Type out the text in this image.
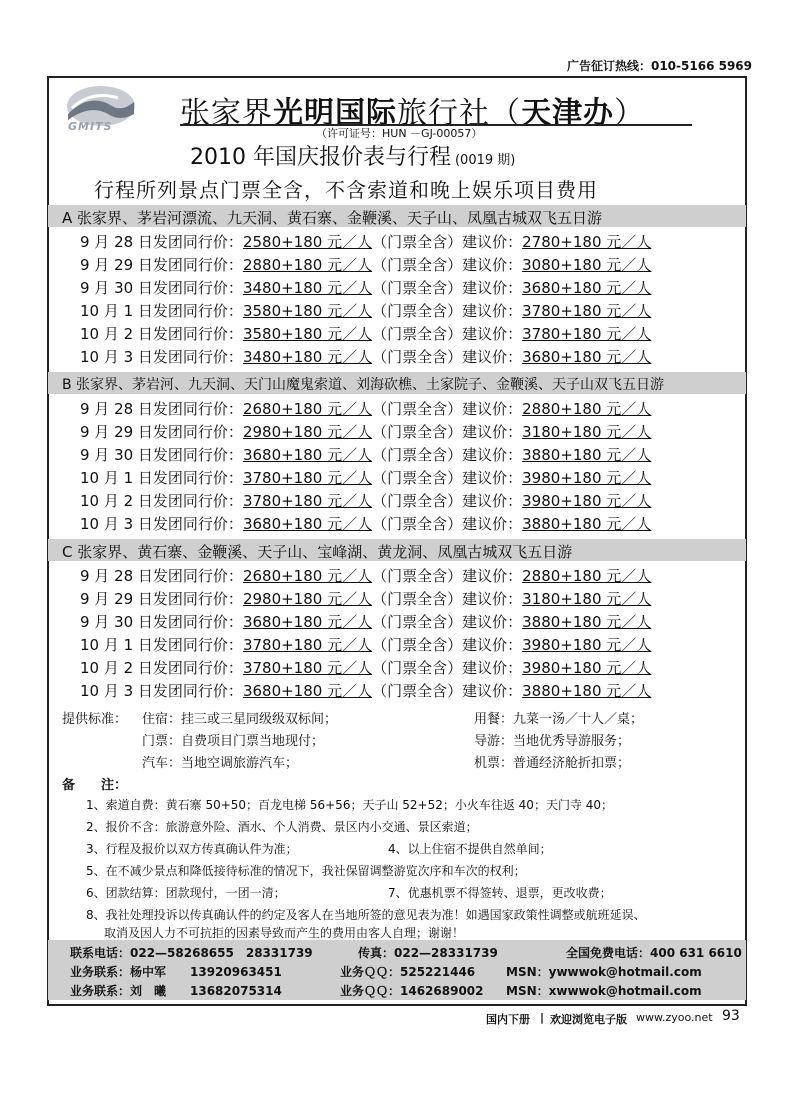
广告征订热线：010-5166 5969
GMITS 张家界光明国际旅行社（天津办）
（许可证号：HUN －GJ-00057）
2010 年国庆报价表与行程 (0019 期)
行程所列景点门票全含，不含索道和晚上娱乐项目费用
A 张家界、茅岩河漂流、九天洞、黄石寨、金鞭溪、天子山、凤凰古城双飞五日游
9 月 28 日发团同行价：2580+180 元／人（门票全含）建议价：2780+180 元／人
9 月 29 日发团同行价：2880+180 元／人（门票全含）建议价：3080+180 元／人
9 月 30 日发团同行价：3480+180 元／人（门票全含）建议价：3680+180 元／人
10 月 1 日发团同行价：3580+180 元／人（门票全含）建议价：3780+180 元／人
10 月 2 日发团同行价：3580+180 元／人（门票全含）建议价：3780+180 元／人
10 月 3 日发团同行价：3480+180 元／人（门票全含）建议价：3680+180 元／人
B 张家界、茅岩河、九天洞、天门山魔鬼索道、刘海砍樵、土家院子、金鞭溪、天子山双飞五日游
9 月 28 日发团同行价：2680+180 元／人（门票全含）建议价：2880+180 元／人
9 月 29 日发团同行价：2980+180 元／人（门票全含）建议价：3180+180 元／人
9 月 30 日发团同行价：3680+180 元／人（门票全含）建议价：3880+180 元／人
10 月 1 日发团同行价：3780+180 元／人（门票全含）建议价：3980+180 元／人
10 月 2 日发团同行价：3780+180 元／人（门票全含）建议价：3980+180 元／人
10 月 3 日发团同行价：3680+180 元／人（门票全含）建议价：3880+180 元／人
C 张家界、黄石寨、金鞭溪、天子山、宝峰湖、黄龙洞、凤凰古城双飞五日游
9 月 28 日发团同行价：2680+180 元／人（门票全含）建议价：2880+180 元／人
9 月 29 日发团同行价：2980+180 元／人（门票全含）建议价：3180+180 元／人
9 月 30 日发团同行价：3680+180 元／人（门票全含）建议价：3880+180 元／人
10 月 1 日发团同行价：3780+180 元／人（门票全含）建议价：3980+180 元／人
10 月 2 日发团同行价：3780+180 元／人（门票全含）建议价：3980+180 元／人
10 月 3 日发团同行价：3680+180 元／人（门票全含）建议价：3880+180 元／人
提供标准： 住宿：挂三或三星同级级双标间；	用餐：九菜一汤／十人／桌；
门票：自费项目门票当地现付；	导游：当地优秀导游服务；
汽车：当地空调旅游汽车；	机票：普通经济舱折扣票；
备　　注：
1、索道自费：黄石寨 50+50；百龙电梯 56+56；天子山 52+52；小火车往返 40；天门寺 40；
2、报价不含：旅游意外险、酒水、个人消费、景区内小交通、景区索道；
3、行程及报价以双方传真确认件为准；	4、以上住宿不提供自然单间；
5、在不减少景点和降低接待标准的情况下，我社保留调整游览次序和车次的权利；
6、团款结算：团款现付，一团一清；	7、优惠机票不得签转、退票，更改收费；
8、我社处理投诉以传真确认件的约定及客人在当地所签的意见表为准！如遇国家政策性调整或航班延误、
取消及因人力不可抗拒的因素导致而产生的费用由客人自理；谢谢！
联系电话：022—58268655　28331739	传真：022—28331739	全国免费电话：400 631 6610
业务联系：杨中军　　13920963451	业务ＱＱ：525221446	MSN：ywwwok@hotmail.com
业务联系：刘　曦　　13682075314	业务ＱＱ：1462689002 MSN：xwwwok@hotmail.com
国内下册 | 欢迎浏览电子版 www.zyoo.net 93
